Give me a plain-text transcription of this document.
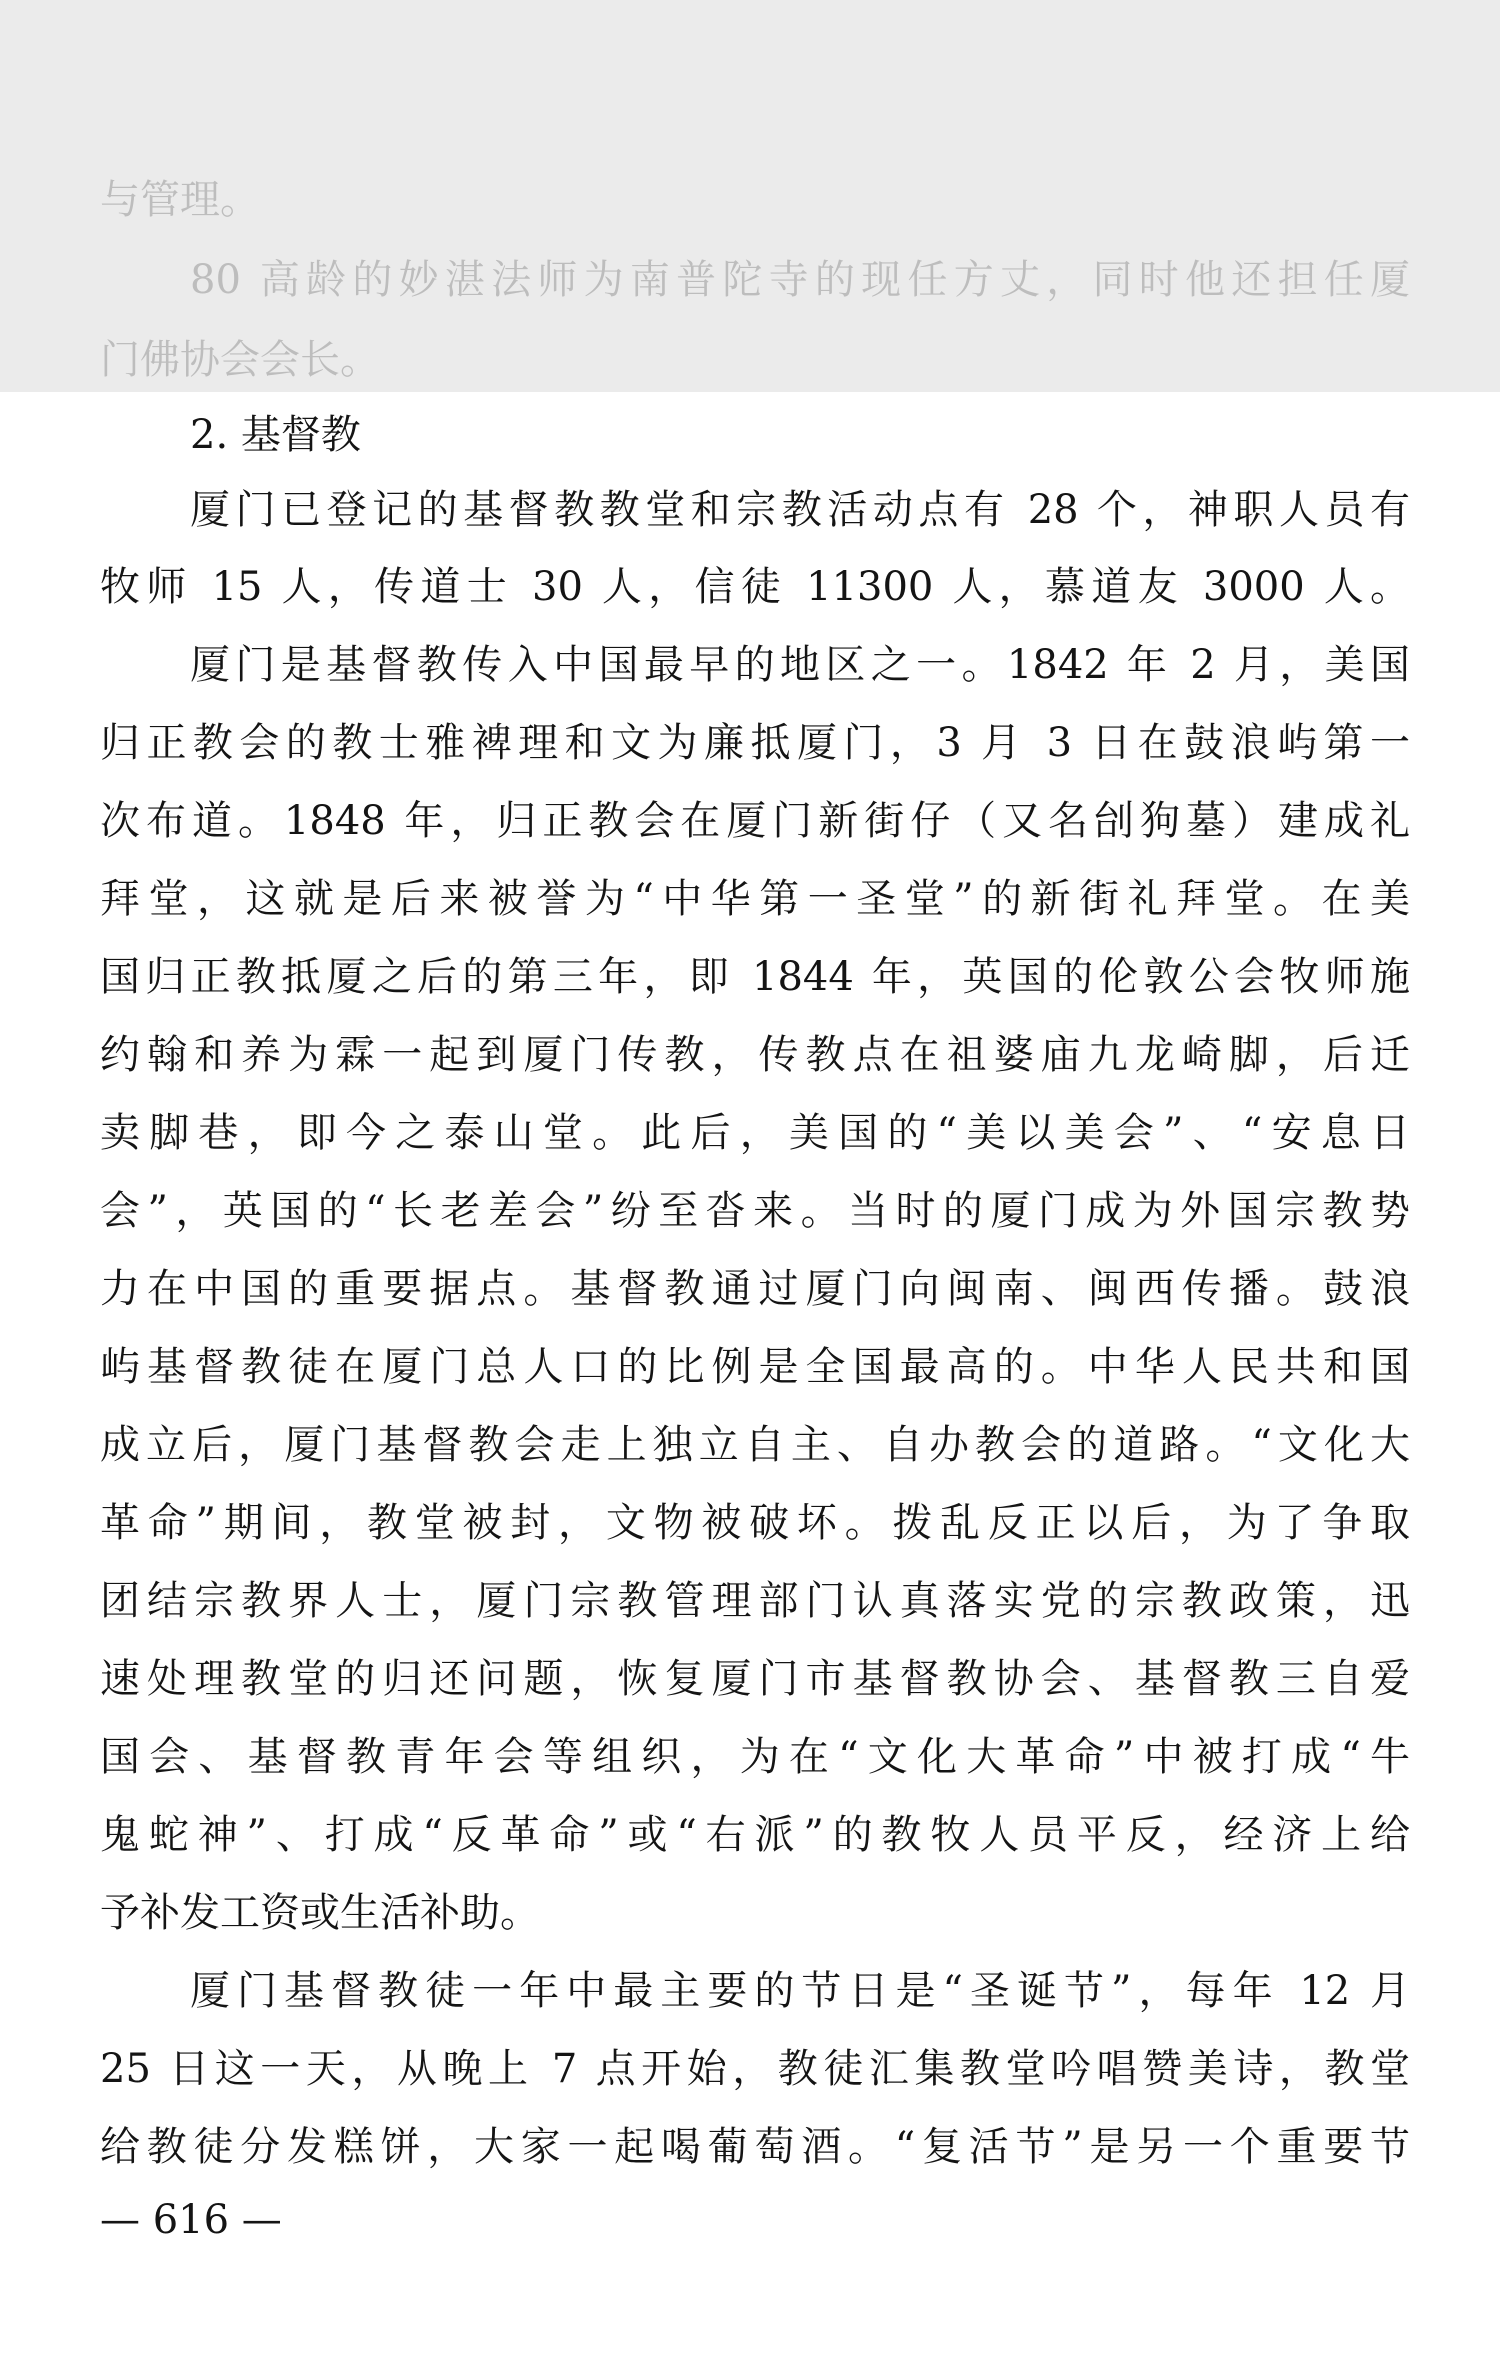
与管理。
80 高龄的妙湛法师为南普陀寺的现任方丈，同时他还担任厦
门佛协会会长。
2. 基督教
厦门已登记的基督教教堂和宗教活动点有 28 个，神职人员有
牧师 15 人，传道士 30 人，信徒 11300 人，慕道友 3000 人。
厦门是基督教传入中国最早的地区之一。1842 年 2 月，美国
归正教会的教士雅裨理和文为廉抵厦门，3 月 3 日在鼓浪屿第一
次布道。1848 年，归正教会在厦门新街仔（又名刣狗墓）建成礼
拜堂，这就是后来被誉为“中华第一圣堂”的新街礼拜堂。在美
国归正教抵厦之后的第三年，即 1844 年，英国的伦敦公会牧师施
约翰和养为霖一起到厦门传教，传教点在祖婆庙九龙崎脚，后迁
卖脚巷，即今之泰山堂。此后，美国的“美以美会”、“安息日
会”，英国的“长老差会”纷至沓来。当时的厦门成为外国宗教势
力在中国的重要据点。基督教通过厦门向闽南、闽西传播。鼓浪
屿基督教徒在厦门总人口的比例是全国最高的。中华人民共和国
成立后，厦门基督教会走上独立自主、自办教会的道路。“文化大
革命”期间，教堂被封，文物被破坏。拨乱反正以后，为了争取
团结宗教界人士，厦门宗教管理部门认真落实党的宗教政策，迅
速处理教堂的归还问题，恢复厦门市基督教协会、基督教三自爱
国会、基督教青年会等组织，为在“文化大革命”中被打成“牛
鬼蛇神”、打成“反革命”或“右派”的教牧人员平反，经济上给
予补发工资或生活补助。
厦门基督教徒一年中最主要的节日是“圣诞节”，每年 12 月
25 日这一天，从晚上 7 点开始，教徒汇集教堂吟唱赞美诗，教堂
给教徒分发糕饼，大家一起喝葡萄酒。“复活节”是另一个重要节
— 616 —
